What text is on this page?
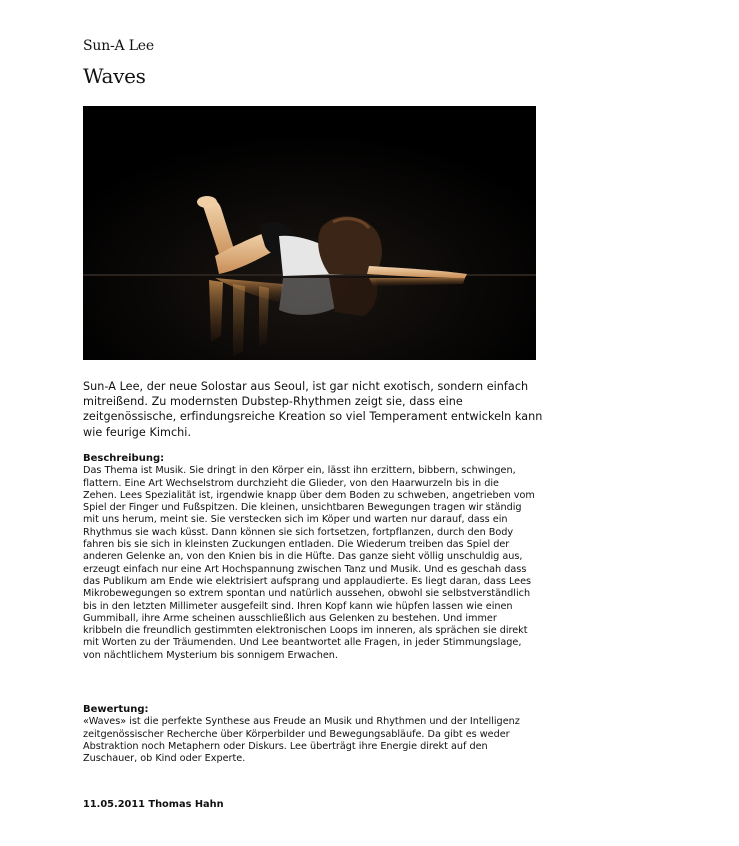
Sun-A Lee
Waves
Sun-A Lee, der neue Solostar aus Seoul, ist gar nicht exotisch, sondern einfach mitreißend. Zu modernsten Dubstep-Rhythmen zeigt sie, dass eine zeitgenössische, erfindungsreiche Kreation so viel Temperament entwickeln kann wie feurige Kimchi.
Beschreibung:
Das Thema ist Musik. Sie dringt in den Körper ein, lässt ihn erzittern, bibbern, schwingen, flattern. Eine Art Wechselstrom durchzieht die Glieder, von den Haarwurzeln bis in die Zehen. Lees Spezialität ist, irgendwie knapp über dem Boden zu schweben, angetrieben vom Spiel der Finger und Fußspitzen. Die kleinen, unsichtbaren Bewegungen tragen wir ständig mit uns herum, meint sie. Sie verstecken sich im Köper und warten nur darauf, dass ein Rhythmus sie wach küsst. Dann können sie sich fortsetzen, fortpflanzen, durch den Body fahren bis sie sich in kleinsten Zuckungen entladen. Die Wiederum treiben das Spiel der anderen Gelenke an, von den Knien bis in die Hüfte. Das ganze sieht völlig unschuldig aus, erzeugt einfach nur eine Art Hochspannung zwischen Tanz und Musik. Und es geschah dass das Publikum am Ende wie elektrisiert aufsprang und applaudierte. Es liegt daran, dass Lees Mikrobewegungen so extrem spontan und natürlich aussehen, obwohl sie selbstverständlich bis in den letzten Millimeter ausgefeilt sind. Ihren Kopf kann wie hüpfen lassen wie einen Gummiball, ihre Arme scheinen ausschließlich aus Gelenken zu bestehen. Und immer kribbeln die freundlich gestimmten elektronischen Loops im inneren, als sprächen sie direkt mit Worten zu der Träumenden. Und Lee beantwortet alle Fragen, in jeder Stimmungslage, von nächtlichem Mysterium bis sonnigem Erwachen.
Bewertung:
«Waves» ist die perfekte Synthese aus Freude an Musik und Rhythmen und der Intelligenz zeitgenössischer Recherche über Körperbilder und Bewegungsabläufe. Da gibt es weder Abstraktion noch Metaphern oder Diskurs. Lee überträgt ihre Energie direkt auf den Zuschauer, ob Kind oder Experte.
11.05.2011 Thomas Hahn
